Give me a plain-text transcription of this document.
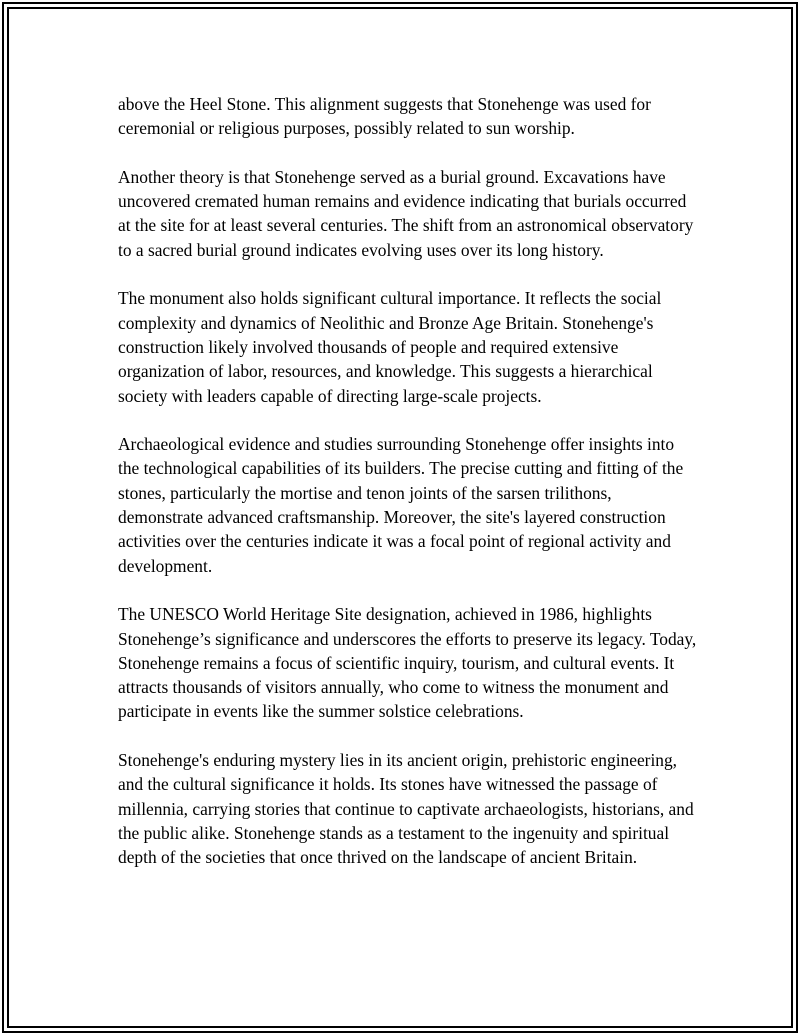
above the Heel Stone. This alignment suggests that Stonehenge was used for ceremonial or religious purposes, possibly related to sun worship.

Another theory is that Stonehenge served as a burial ground. Excavations have uncovered cremated human remains and evidence indicating that burials occurred at the site for at least several centuries. The shift from an astronomical observatory to a sacred burial ground indicates evolving uses over its long history.

The monument also holds significant cultural importance. It reflects the social complexity and dynamics of Neolithic and Bronze Age Britain. Stonehenge's construction likely involved thousands of people and required extensive organization of labor, resources, and knowledge. This suggests a hierarchical society with leaders capable of directing large-scale projects.

Archaeological evidence and studies surrounding Stonehenge offer insights into the technological capabilities of its builders. The precise cutting and fitting of the stones, particularly the mortise and tenon joints of the sarsen trilithons, demonstrate advanced craftsmanship. Moreover, the site's layered construction activities over the centuries indicate it was a focal point of regional activity and development.

The UNESCO World Heritage Site designation, achieved in 1986, highlights Stonehenge’s significance and underscores the efforts to preserve its legacy. Today, Stonehenge remains a focus of scientific inquiry, tourism, and cultural events. It attracts thousands of visitors annually, who come to witness the monument and participate in events like the summer solstice celebrations.

Stonehenge's enduring mystery lies in its ancient origin, prehistoric engineering, and the cultural significance it holds. Its stones have witnessed the passage of millennia, carrying stories that continue to captivate archaeologists, historians, and the public alike. Stonehenge stands as a testament to the ingenuity and spiritual depth of the societies that once thrived on the landscape of ancient Britain.
